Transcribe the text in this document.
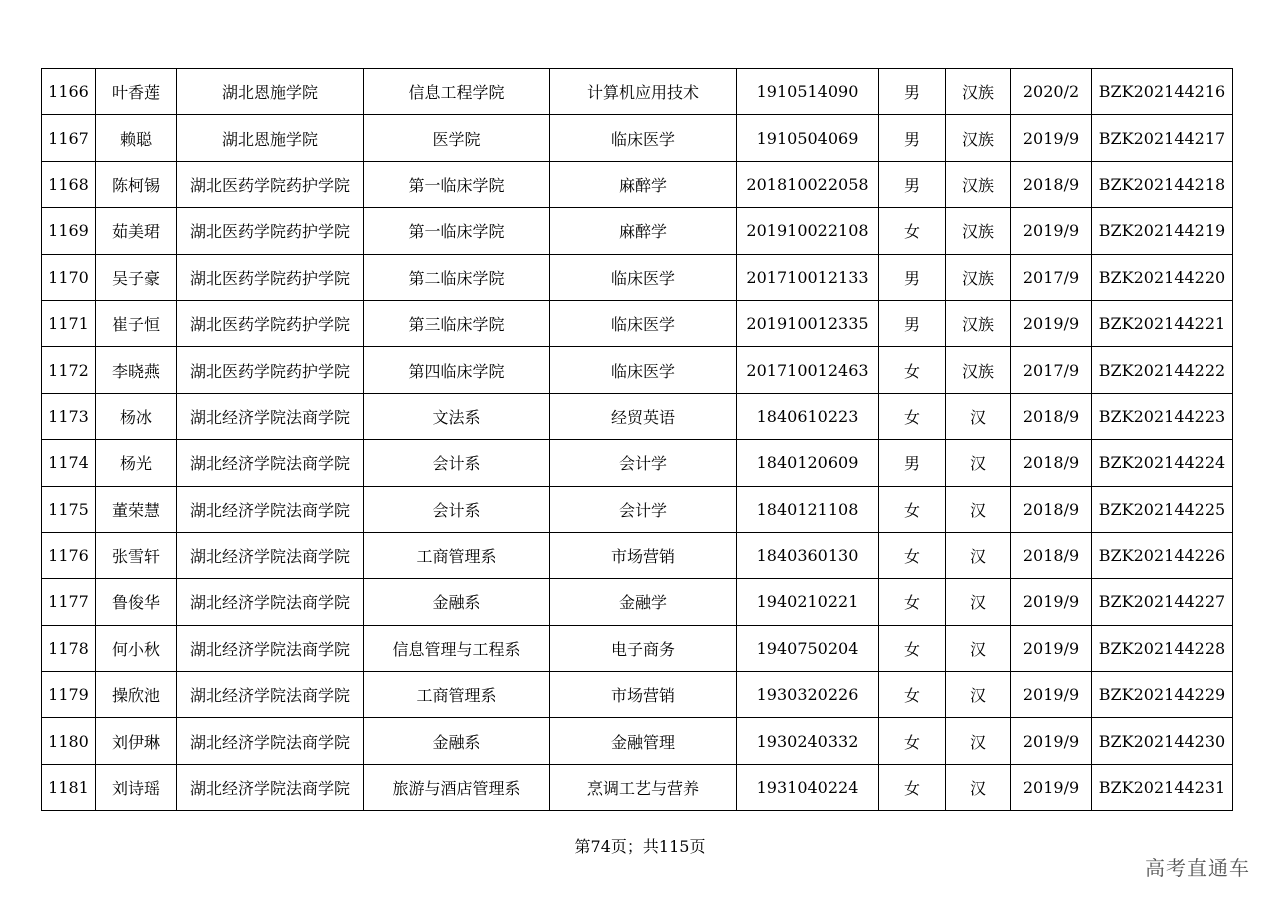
1166	叶香莲	湖北恩施学院	信息工程学院	计算机应用技术	1910514090	男	汉族	2020/2	BZK202144216
1167	赖聪	湖北恩施学院	医学院	临床医学	1910504069	男	汉族	2019/9	BZK202144217
1168	陈柯锡	湖北医药学院药护学院	第一临床学院	麻醉学	201810022058	男	汉族	2018/9	BZK202144218
1169	茹美珺	湖北医药学院药护学院	第一临床学院	麻醉学	201910022108	女	汉族	2019/9	BZK202144219
1170	吴子豪	湖北医药学院药护学院	第二临床学院	临床医学	201710012133	男	汉族	2017/9	BZK202144220
1171	崔子恒	湖北医药学院药护学院	第三临床学院	临床医学	201910012335	男	汉族	2019/9	BZK202144221
1172	李晓燕	湖北医药学院药护学院	第四临床学院	临床医学	201710012463	女	汉族	2017/9	BZK202144222
1173	杨冰	湖北经济学院法商学院	文法系	经贸英语	1840610223	女	汉	2018/9	BZK202144223
1174	杨光	湖北经济学院法商学院	会计系	会计学	1840120609	男	汉	2018/9	BZK202144224
1175	董荣慧	湖北经济学院法商学院	会计系	会计学	1840121108	女	汉	2018/9	BZK202144225
1176	张雪轩	湖北经济学院法商学院	工商管理系	市场营销	1840360130	女	汉	2018/9	BZK202144226
1177	鲁俊华	湖北经济学院法商学院	金融系	金融学	1940210221	女	汉	2019/9	BZK202144227
1178	何小秋	湖北经济学院法商学院	信息管理与工程系	电子商务	1940750204	女	汉	2019/9	BZK202144228
1179	操欣池	湖北经济学院法商学院	工商管理系	市场营销	1930320226	女	汉	2019/9	BZK202144229
1180	刘伊琳	湖北经济学院法商学院	金融系	金融管理	1930240332	女	汉	2019/9	BZK202144230
1181	刘诗瑶	湖北经济学院法商学院	旅游与酒店管理系	烹调工艺与营养	1931040224	女	汉	2019/9	BZK202144231
第74页；共115页
高考直通车
